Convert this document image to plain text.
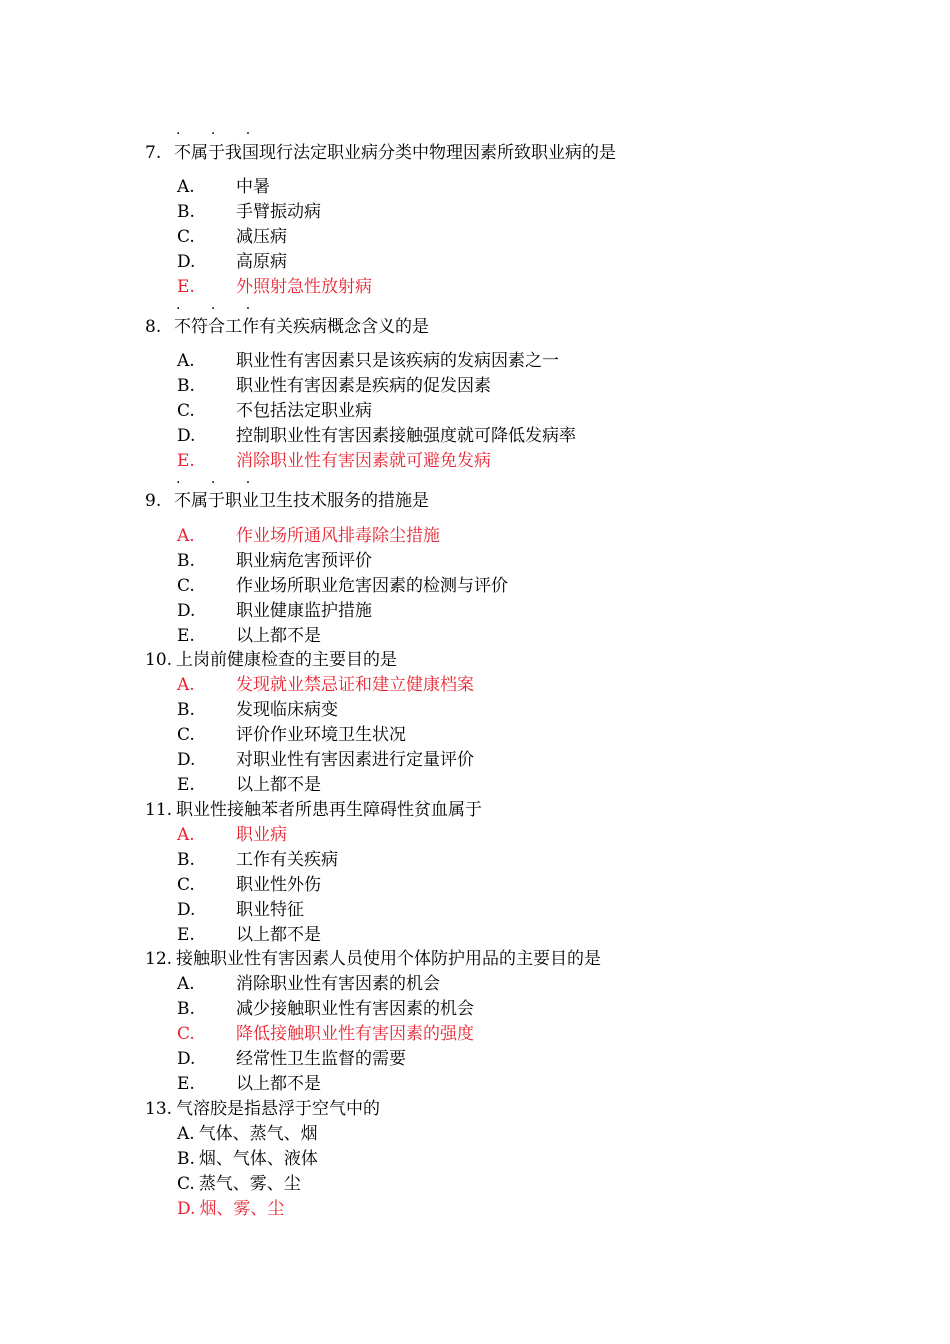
. . .
7. 不属于我国现行法定职业病分类中物理因素所致职业病的是
A. 中暑
B. 手臂振动病
C. 减压病
D. 高原病
E. 外照射急性放射病
. . .
8. 不符合工作有关疾病概念含义的是
A. 职业性有害因素只是该疾病的发病因素之一
B. 职业性有害因素是疾病的促发因素
C. 不包括法定职业病
D. 控制职业性有害因素接触强度就可降低发病率
E. 消除职业性有害因素就可避免发病
. . .
9. 不属于职业卫生技术服务的措施是
A. 作业场所通风排毒除尘措施
B. 职业病危害预评价
C. 作业场所职业危害因素的检测与评价
D. 职业健康监护措施
E. 以上都不是
10. 上岗前健康检查的主要目的是
A. 发现就业禁忌证和建立健康档案
B. 发现临床病变
C. 评价作业环境卫生状况
D. 对职业性有害因素进行定量评价
E. 以上都不是
11. 职业性接触苯者所患再生障碍性贫血属于
A. 职业病
B. 工作有关疾病
C. 职业性外伤
D. 职业特征
E. 以上都不是
12. 接触职业性有害因素人员使用个体防护用品的主要目的是
A. 消除职业性有害因素的机会
B. 减少接触职业性有害因素的机会
C. 降低接触职业性有害因素的强度
D. 经常性卫生监督的需要
E. 以上都不是
13. 气溶胶是指悬浮于空气中的
A. 气体、蒸气、烟
B. 烟、气体、液体
C. 蒸气、雾、尘
D. 烟、雾、尘
